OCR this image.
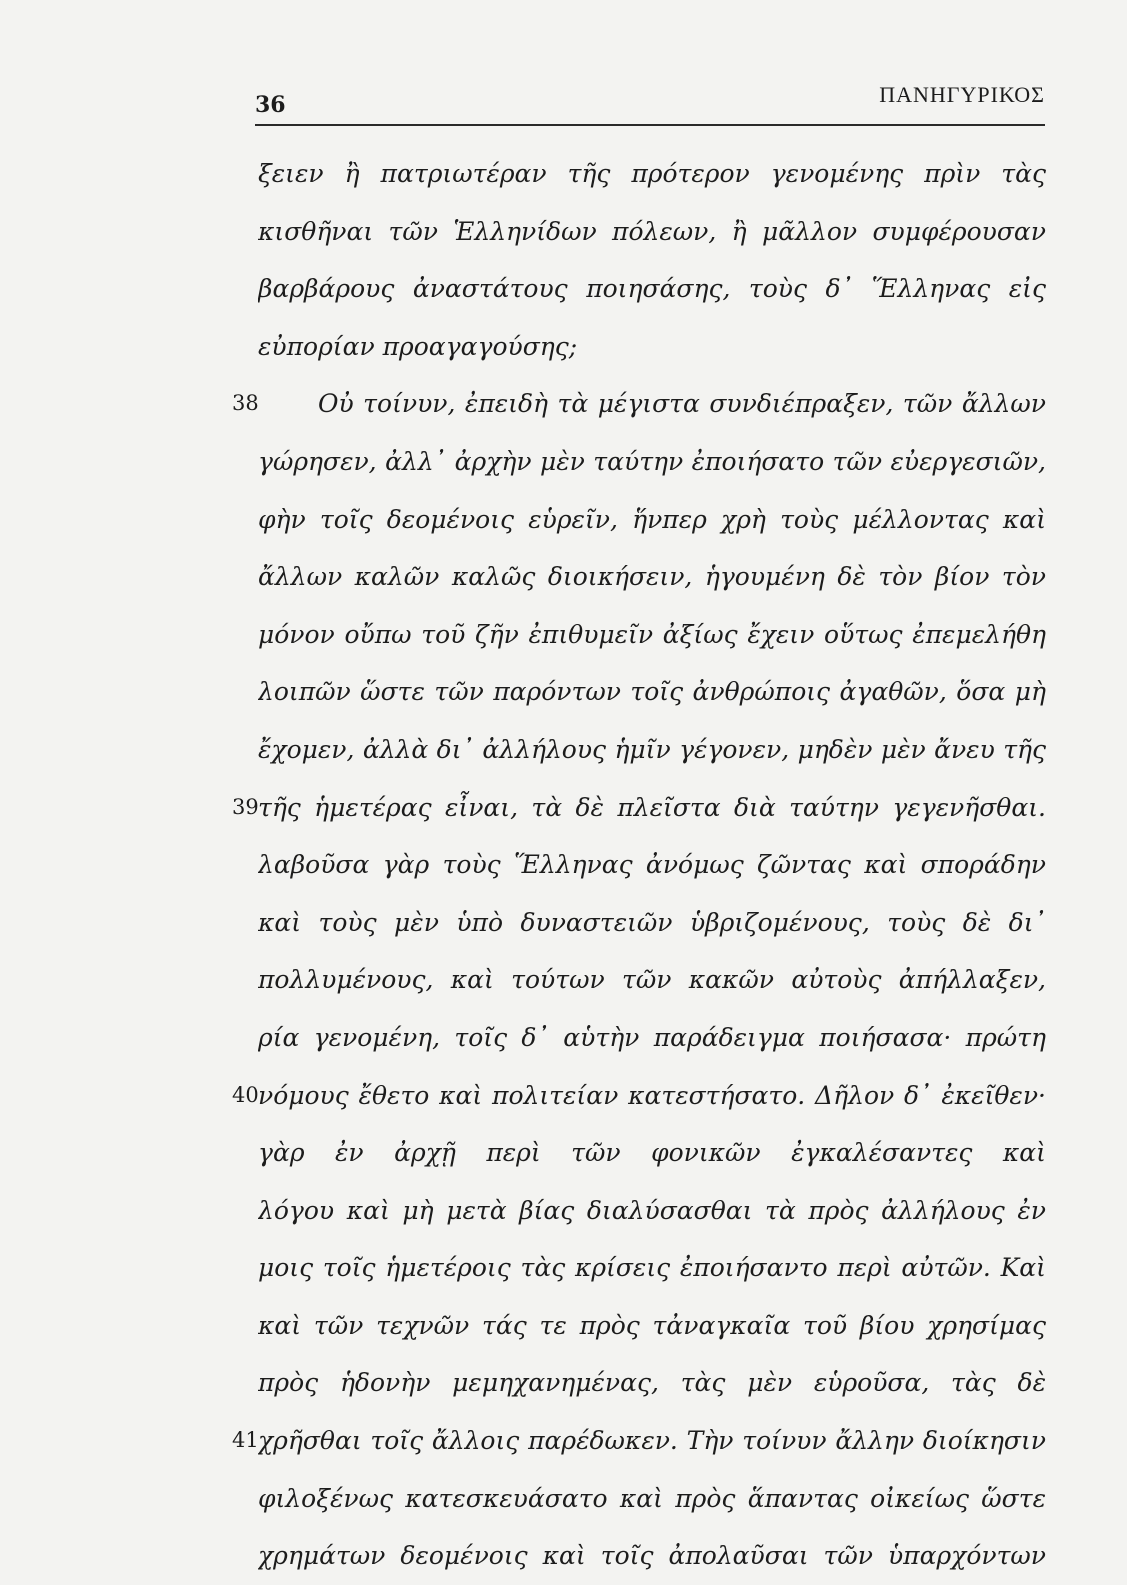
36	ΠΑΝΗΓΥΡΙΚΟΣ
ξειεν ἢ πατριωτέραν τῆς πρότερον γενομένης πρὶν τὰς
κισθῆναι τῶν Ἑλληνίδων πόλεων, ἢ μᾶλλον συμφέρουσαν
βαρβάρους ἀναστάτους ποιησάσης, τοὺς δ᾽ Ἕλληνας εἰς
εὐπορίαν προαγαγούσης;
38 Οὐ τοίνυν, ἐπειδὴ τὰ μέγιστα συνδιέπραξεν, τῶν ἄλλων
γώρησεν, ἀλλ᾽ ἀρχὴν μὲν ταύτην ἐποιήσατο τῶν εὐεργεσιῶν,
φὴν τοῖς δεομένοις εὑρεῖν, ἥνπερ χρὴ τοὺς μέλλοντας καὶ
ἄλλων καλῶν καλῶς διοικήσειν, ἡγουμένη δὲ τὸν βίον τὸν
μόνον οὔπω τοῦ ζῆν ἐπιθυμεῖν ἀξίως ἔχειν οὕτως ἐπεμελήθη
λοιπῶν ὥστε τῶν παρόντων τοῖς ἀνθρώποις ἀγαθῶν, ὅσα μὴ
ἔχομεν, ἀλλὰ δι᾽ ἀλλήλους ἡμῖν γέγονεν, μηδὲν μὲν ἄνευ τῆς
39 τῆς ἡμετέρας εἶναι, τὰ δὲ πλεῖστα διὰ ταύτην γεγενῆσθαι.
λαβοῦσα γὰρ τοὺς Ἕλληνας ἀνόμως ζῶντας καὶ σποράδην
καὶ τοὺς μὲν ὑπὸ δυναστειῶν ὑβριζομένους, τοὺς δὲ δι᾽
πολλυμένους, καὶ τούτων τῶν κακῶν αὐτοὺς ἀπήλλαξεν,
ρία γενομένη, τοῖς δ᾽ αὑτὴν παράδειγμα ποιήσασα· πρώτη
40 νόμους ἔθετο καὶ πολιτείαν κατεστήσατο. Δῆλον δ᾽ ἐκεῖθεν·
γὰρ ἐν ἀρχῇ περὶ τῶν φονικῶν ἐγκαλέσαντες καὶ
λόγου καὶ μὴ μετὰ βίας διαλύσασθαι τὰ πρὸς ἀλλήλους ἐν
μοις τοῖς ἡμετέροις τὰς κρίσεις ἐποιήσαντο περὶ αὐτῶν. Καὶ
καὶ τῶν τεχνῶν τάς τε πρὸς τἀναγκαῖα τοῦ βίου χρησίμας
πρὸς ἡδονὴν μεμηχανημένας, τὰς μὲν εὑροῦσα, τὰς δὲ
41 χρῆσθαι τοῖς ἄλλοις παρέδωκεν. Τὴν τοίνυν ἄλλην διοίκησιν
φιλοξένως κατεσκευάσατο καὶ πρὸς ἅπαντας οἰκείως ὥστε
χρημάτων δεομένοις καὶ τοῖς ἀπολαῦσαι τῶν ὑπαρχόντων
